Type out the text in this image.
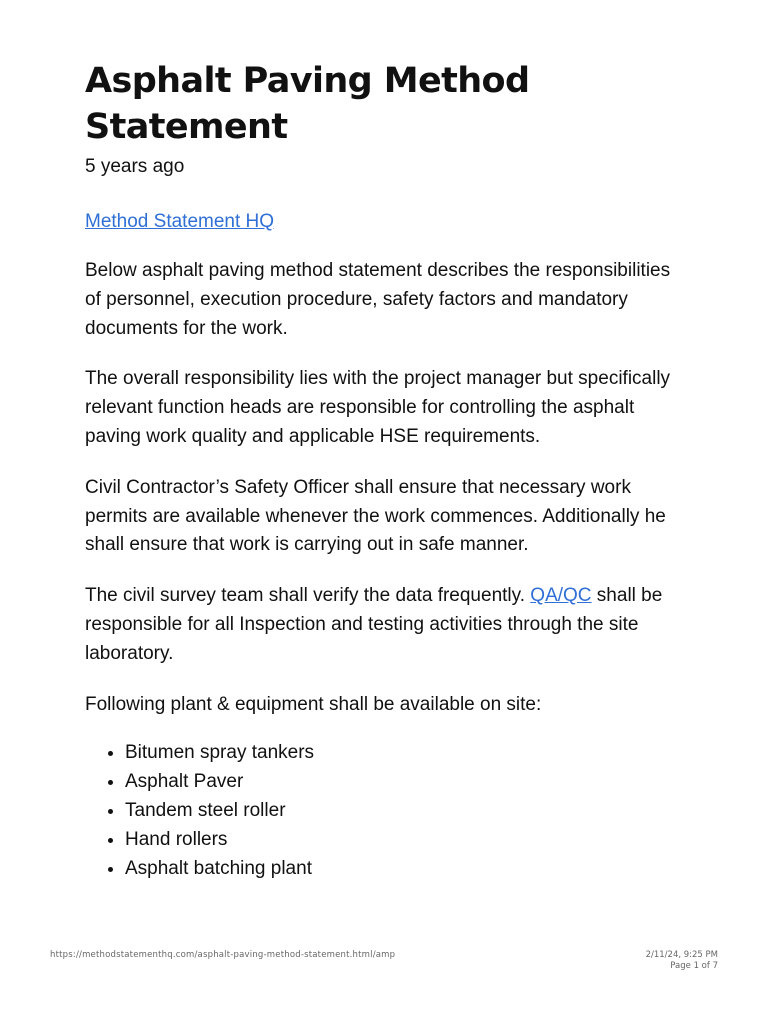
Asphalt Paving Method Statement
5 years ago
Method Statement HQ

Below asphalt paving method statement describes the responsibilities of personnel, execution procedure, safety factors and mandatory documents for the work.

The overall responsibility lies with the project manager but specifically relevant function heads are responsible for controlling the asphalt paving work quality and applicable HSE requirements.

Civil Contractor’s Safety Officer shall ensure that necessary work permits are available whenever the work commences. Additionally he shall ensure that work is carrying out in safe manner.

The civil survey team shall verify the data frequently. QA/QC shall be responsible for all Inspection and testing activities through the site laboratory.

Following plant & equipment shall be available on site:

• Bitumen spray tankers
• Asphalt Paver
• Tandem steel roller
• Hand rollers
• Asphalt batching plant
https://methodstatementhq.com/asphalt-paving-method-statement.html/amp	2/11/24, 9:25 PM
Page 1 of 7
